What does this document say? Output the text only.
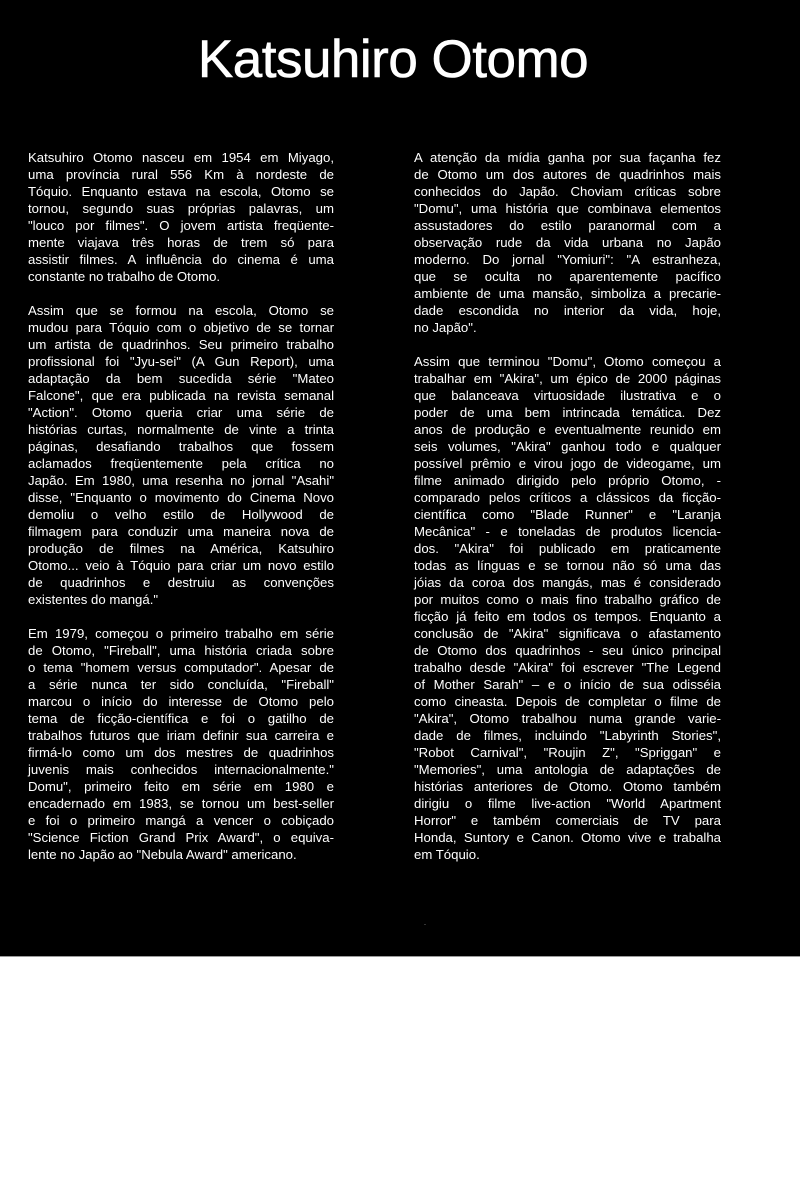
Katsuhiro Otomo

Katsuhiro Otomo nasceu em 1954 em Miyago,
uma província rural 556 Km à nordeste de
Tóquio. Enquanto estava na escola, Otomo se
tornou, segundo suas próprias palavras, um
"louco por filmes". O jovem artista freqüente-
mente viajava três horas de trem só para
assistir filmes. A influência do cinema é uma
constante no trabalho de Otomo.

Assim que se formou na escola, Otomo se
mudou para Tóquio com o objetivo de se tornar
um artista de quadrinhos. Seu primeiro trabalho
profissional foi "Jyu-sei" (A Gun Report), uma
adaptação da bem sucedida série "Mateo
Falcone", que era publicada na revista semanal
"Action". Otomo queria criar uma série de
histórias curtas, normalmente de vinte a trinta
páginas, desafiando trabalhos que fossem
aclamados freqüentemente pela crítica no
Japão. Em 1980, uma resenha no jornal "Asahi"
disse, "Enquanto o movimento do Cinema Novo
demoliu o velho estilo de Hollywood de
filmagem para conduzir uma maneira nova de
produção de filmes na América, Katsuhiro
Otomo... veio à Tóquio para criar um novo estilo
de quadrinhos e destruiu as convenções
existentes do mangá."

Em 1979, começou o primeiro trabalho em série
de Otomo, "Fireball", uma história criada sobre
o tema "homem versus computador". Apesar de
a série nunca ter sido concluída, "Fireball"
marcou o início do interesse de Otomo pelo
tema de ficção-científica e foi o gatilho de
trabalhos futuros que iriam definir sua carreira e
firmá-lo como um dos mestres de quadrinhos
juvenis mais conhecidos internacionalmente."
Domu", primeiro feito em série em 1980 e
encadernado em 1983, se tornou um best-seller
e foi o primeiro mangá a vencer o cobiçado
"Science Fiction Grand Prix Award", o equiva-
lente no Japão ao "Nebula Award" americano.

A atenção da mídia ganha por sua façanha fez
de Otomo um dos autores de quadrinhos mais
conhecidos do Japão. Choviam críticas sobre
"Domu", uma história que combinava elementos
assustadores do estilo paranormal com a
observação rude da vida urbana no Japão
moderno. Do jornal "Yomiuri": "A estranheza,
que se oculta no aparentemente pacífico
ambiente de uma mansão, simboliza a precarie-
dade escondida no interior da vida, hoje,
no Japão".

Assim que terminou "Domu", Otomo começou a
trabalhar em "Akira", um épico de 2000 páginas
que balanceava virtuosidade ilustrativa e o
poder de uma bem intrincada temática. Dez
anos de produção e eventualmente reunido em
seis volumes, "Akira" ganhou todo e qualquer
possível prêmio e virou jogo de videogame, um
filme animado dirigido pelo próprio Otomo, -
comparado pelos críticos a clássicos da ficção-
científica como "Blade Runner" e "Laranja
Mecânica" - e toneladas de produtos licencia-
dos. "Akira" foi publicado em praticamente
todas as línguas e se tornou não só uma das
jóias da coroa dos mangás, mas é considerado
por muitos como o mais fino trabalho gráfico de
ficção já feito em todos os tempos. Enquanto a
conclusão de "Akira" significava o afastamento
de Otomo dos quadrinhos - seu único principal
trabalho desde "Akira" foi escrever "The Legend
of Mother Sarah" – e o início de sua odisséia
como cineasta. Depois de completar o filme de
"Akira", Otomo trabalhou numa grande varie-
dade de filmes, incluindo "Labyrinth Stories",
"Robot Carnival", "Roujin Z", "Spriggan" e
"Memories", uma antologia de adaptações de
histórias anteriores de Otomo. Otomo também
dirigiu o filme live-action "World Apartment
Horror" e também comerciais de TV para
Honda, Suntory e Canon. Otomo vive e trabalha
em Tóquio.
